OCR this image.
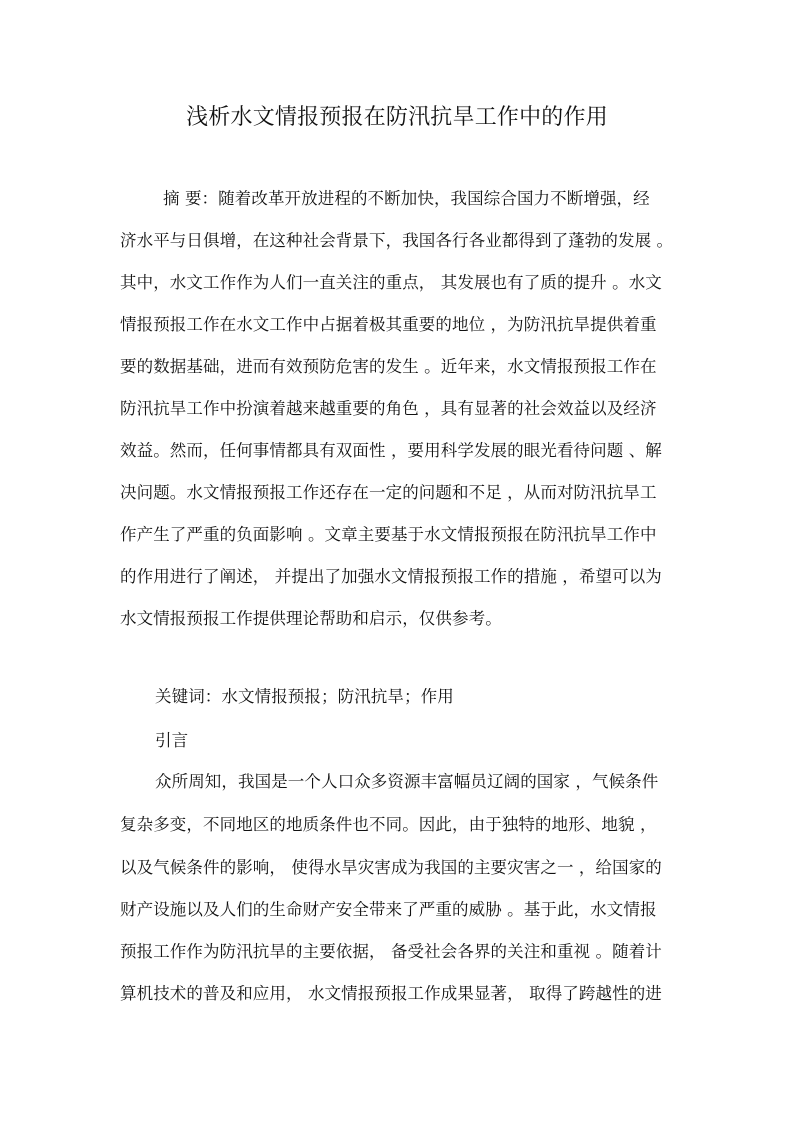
浅析水文情报预报在防汛抗旱工作中的作用
摘 要：随着改革开放进程的不断加快，我国综合国力不断增强，经
济水平与日俱增，在这种社会背景下，我国各行各业都得到了蓬勃的发展 。
其中，水文工作作为人们一直关注的重点， 其发展也有了质的提升 。水文
情报预报工作在水文工作中占据着极其重要的地位 ，为防汛抗旱提供着重
要的数据基础，进而有效预防危害的发生 。近年来，水文情报预报工作在
防汛抗旱工作中扮演着越来越重要的角色 ，具有显著的社会效益以及经济
效益。然而，任何事情都具有双面性 ，要用科学发展的眼光看待问题 、解
决问题。水文情报预报工作还存在一定的问题和不足 ，从而对防汛抗旱工
作产生了严重的负面影响 。文章主要基于水文情报预报在防汛抗旱工作中
的作用进行了阐述， 并提出了加强水文情报预报工作的措施 ，希望可以为
水文情报预报工作提供理论帮助和启示，仅供参考。
关键词：水文情报预报；防汛抗旱；作用
引言
众所周知，我国是一个人口众多资源丰富幅员辽阔的国家 ，气候条件
复杂多变，不同地区的地质条件也不同。因此，由于独特的地形、地貌 ，
以及气候条件的影响， 使得水旱灾害成为我国的主要灾害之一 ，给国家的
财产设施以及人们的生命财产安全带来了严重的威胁 。基于此，水文情报
预报工作作为防汛抗旱的主要依据， 备受社会各界的关注和重视 。随着计
算机技术的普及和应用， 水文情报预报工作成果显著， 取得了跨越性的进
